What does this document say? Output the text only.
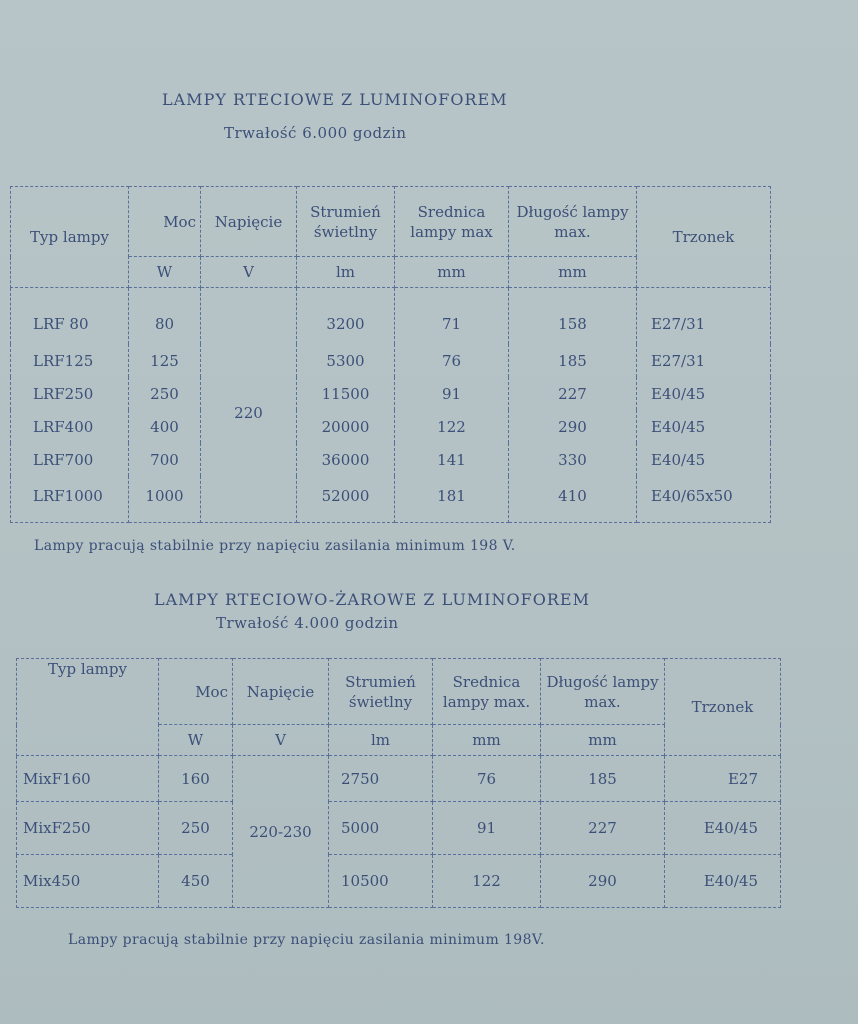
LAMPY RTECIOWE Z LUMINOFOREM
Trwałość 6.000 godzin
Typ lampy	Moc	Napięcie	Strumień świetlny	Srednica lampy max	Długość lampy max.	Trzonek
	W	V	lm	mm	mm	
LRF 80	80	220	3200	71	158	E27/31
LRF125	125		5300	76	185	E27/31
LRF250	250		11500	91	227	E40/45
LRF400	400		20000	122	290	E40/45
LRF700	700		36000	141	330	E40/45
LRF1000	1000		52000	181	410	E40/65x50
Lampy pracują stabilnie przy napięciu zasilania minimum 198 V.
LAMPY RTECIOWO-ŻAROWE Z LUMINOFOREM
Trwałość 4.000 godzin
Typ lampy	Moc	Napięcie	Strumień świetlny	Srednica lampy max.	Długość lampy max.	Trzonek
	W	V	lm	mm	mm	
MixF160	160	220-230	2750	76	185	E27
MixF250	250		5000	91	227	E40/45
Mix450	450		10500	122	290	E40/45
Lampy pracują stabilnie przy napięciu zasilania minimum 198V.
